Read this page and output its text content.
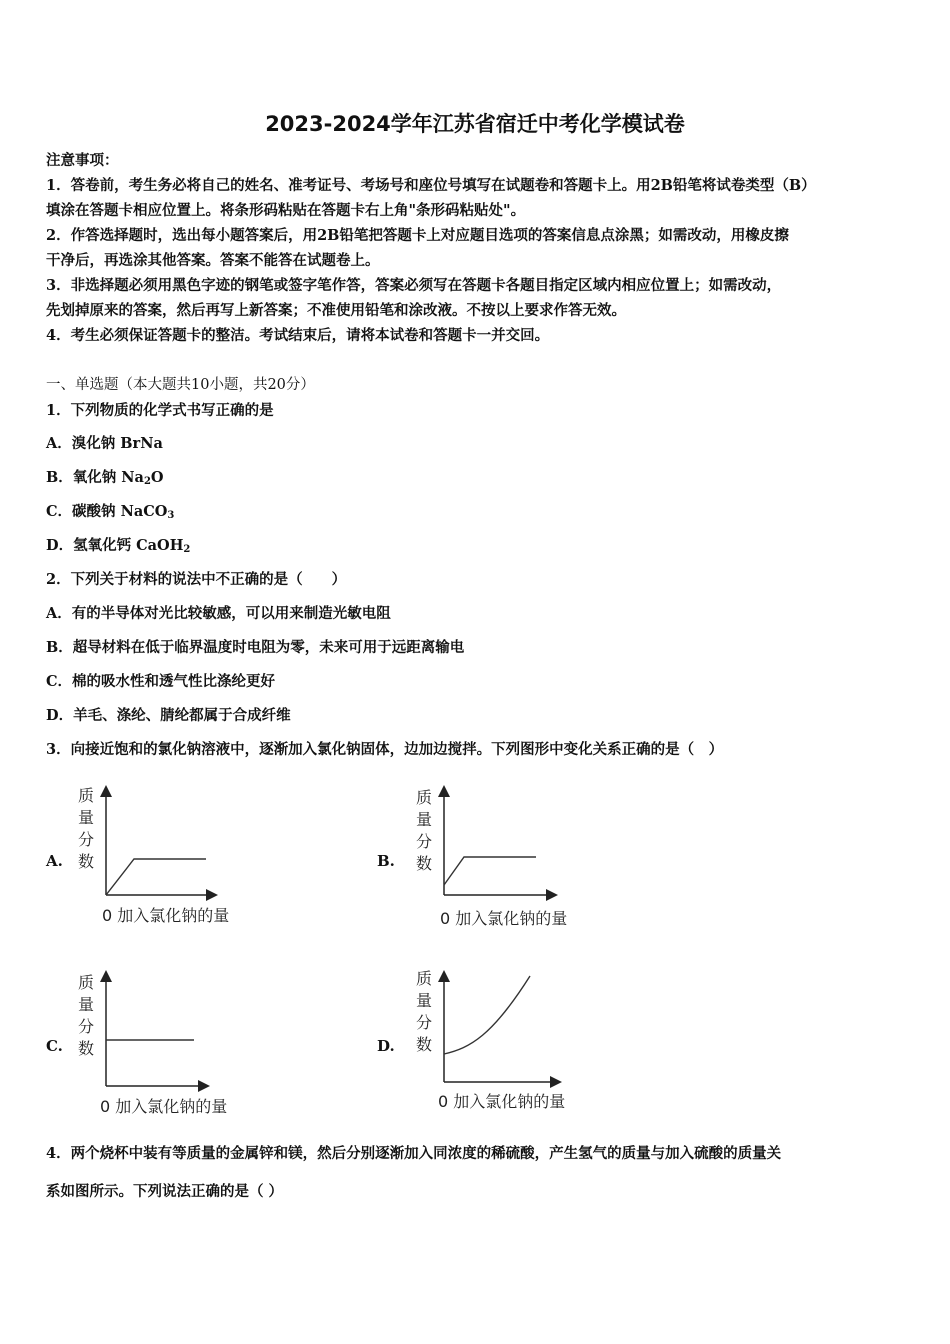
2023-2024学年江苏省宿迁中考化学模试卷
注意事项：
1．答卷前，考生务必将自己的姓名、准考证号、考场号和座位号填写在试题卷和答题卡上。用2B铅笔将试卷类型（B）
填涂在答题卡相应位置上。将条形码粘贴在答题卡右上角"条形码粘贴处"。
2．作答选择题时，选出每小题答案后，用2B铅笔把答题卡上对应题目选项的答案信息点涂黑；如需改动，用橡皮擦
干净后，再选涂其他答案。答案不能答在试题卷上。
3．非选择题必须用黑色字迹的钢笔或签字笔作答，答案必须写在答题卡各题目指定区域内相应位置上；如需改动，
先划掉原来的答案，然后再写上新答案；不准使用铅笔和涂改液。不按以上要求作答无效。
4．考生必须保证答题卡的整洁。考试结束后，请将本试卷和答题卡一并交回。
一、单选题（本大题共10小题，共20分）
1．下列物质的化学式书写正确的是
A．溴化钠 BrNa
B．氧化钠 $Na_2O$
C．碳酸钠 NaCO$_3$
D．氢氧化钙 CaOH$_2$
2．下列关于材料的说法中不正确的是（　　）
A．有的半导体对光比较敏感，可以用来制造光敏电阻
B．超导材料在低于临界温度时电阻为零，未来可用于远距离输电
C．棉的吸水性和透气性比涤纶更好
D．羊毛、涤纶、腈纶都属于合成纤维
3．向接近饱和的氯化钠溶液中，逐渐加入氯化钠固体，边加边搅拌。下列图形中变化关系正确的是（　）
A.
质
量
分
数
0 加入氯化钠的量
B.
质
量
分
数
0 加入氯化钠的量
C.
质
量
分
数
0 加入氯化钠的量
D.
质
量
分
数
0 加入氯化钠的量
4．两个烧杯中装有等质量的金属锌和镁，然后分别逐渐加入同浓度的稀硫酸，产生氢气的质量与加入硫酸的质量关
系如图所示。下列说法正确的是（ ）
